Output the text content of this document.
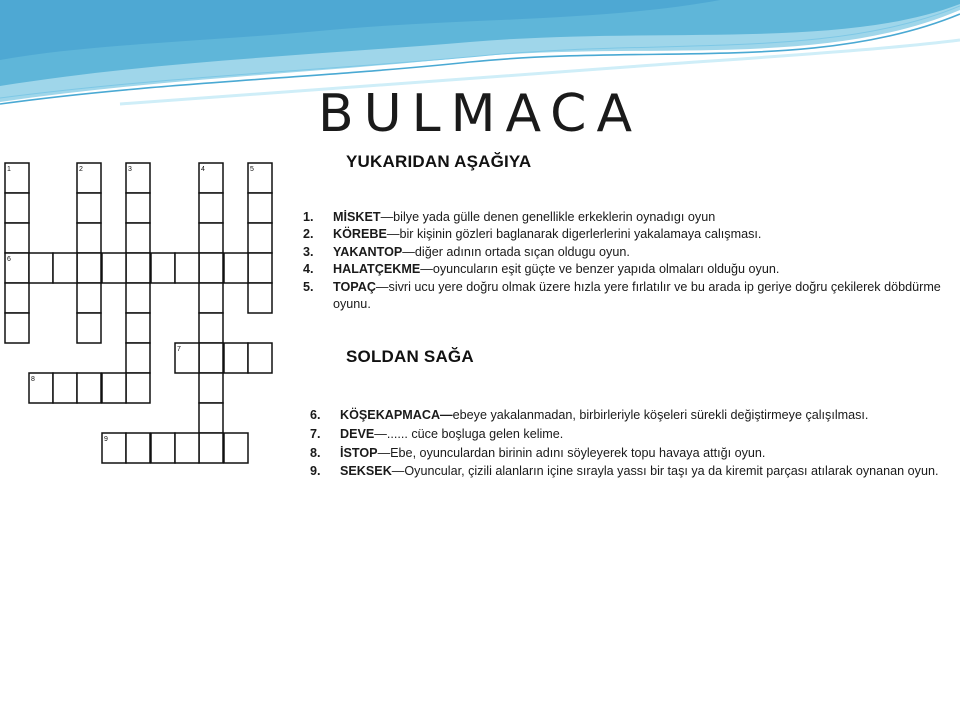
BULMACA
1	2	3	4	5
6
7
8
9
YUKARIDAN AŞAĞIYA

1. MİSKET—bilye yada gülle denen genellikle erkeklerin oynadıgı oyun

2. KÖREBE—bir kişinin gözleri baglanarak digerlerlerini yakalamaya calışması.

3. YAKANTOP—diğer adının ortada sıçan oldugu oyun.

4. HALATÇEKME—oyuncuların eşit güçte ve benzer yapıda olmaları olduğu oyun.

5. TOPAÇ—sivri ucu yere doğru olmak üzere hızla yere fırlatılır ve bu arada ip geriye doğru çekilerek döbdürme oyunu.

SOLDAN SAĞA

6. KÖŞEKAPMACA—ebeye yakalanmadan, birbirleriyle köşeleri sürekli değiştirmeye çalışılması.

7. DEVE—...... cüce boşluga gelen kelime.

8. İSTOP—Ebe, oyunculardan birinin adını söyleyerek topu havaya attığı oyun.

9. SEKSEK—Oyuncular, çizili alanların içine sırayla yassı bir taşı ya da kiremit parçası atılarak oynanan oyun.
